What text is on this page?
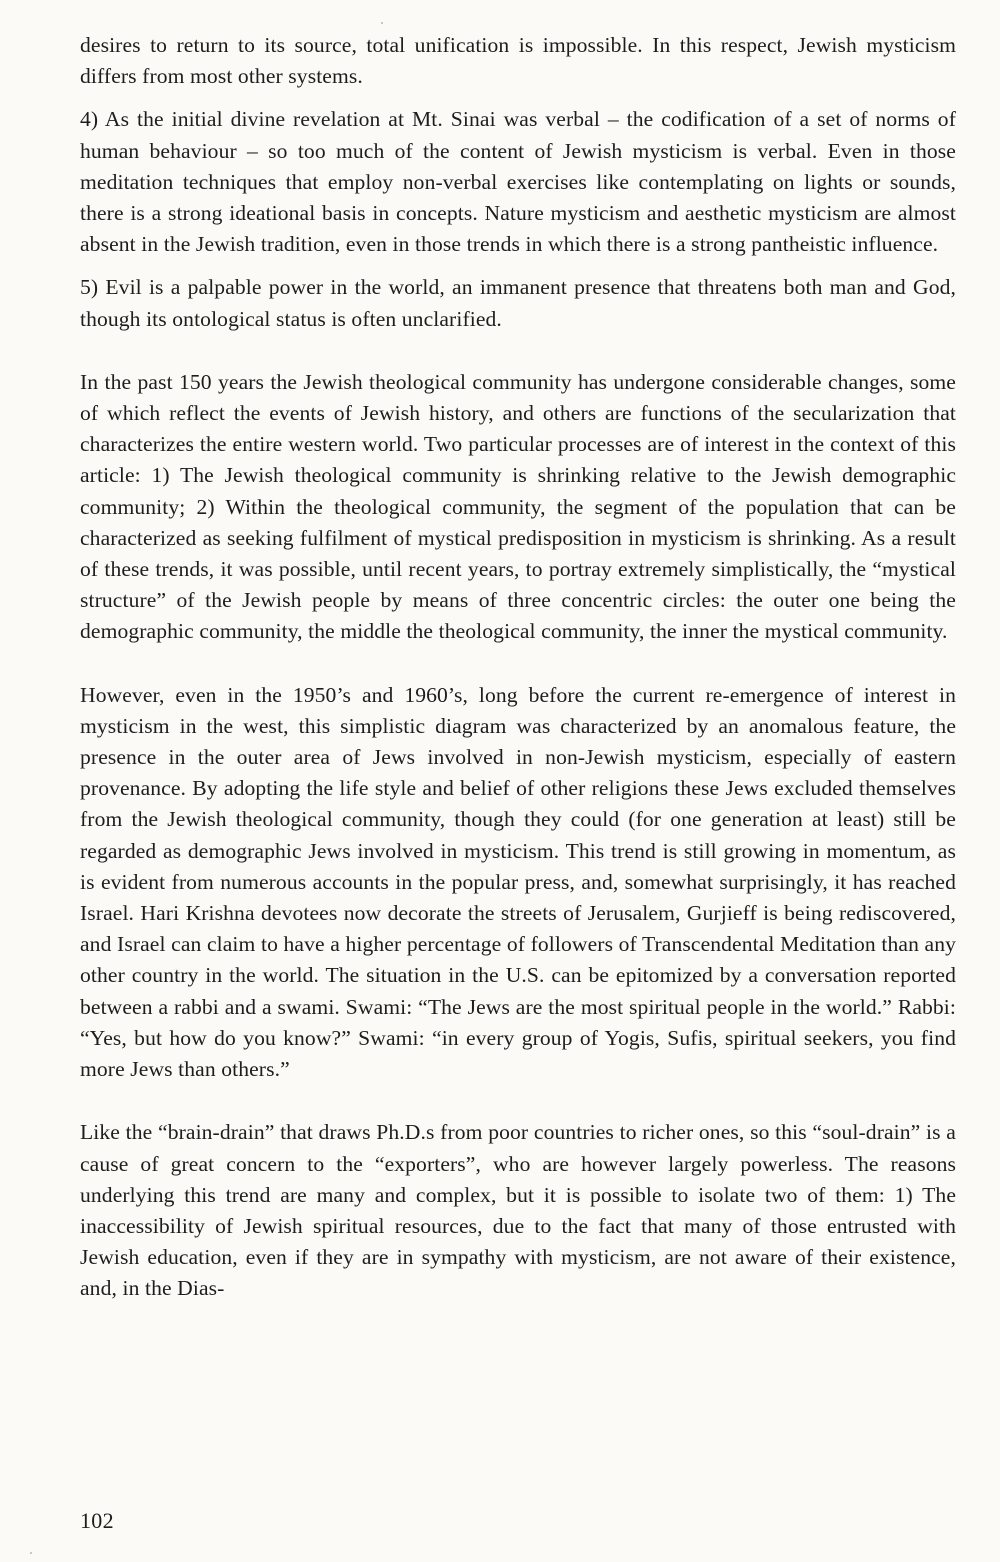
desires to return to its source, total unification is impossible. In this respect, Jewish mysticism differs from most other systems.

4) As the initial divine revelation at Mt. Sinai was verbal – the codification of a set of norms of human behaviour – so too much of the content of Jewish mysticism is verbal. Even in those meditation techniques that employ non-verbal exercises like contemplating on lights or sounds, there is a strong ideational basis in concepts. Nature mysticism and aesthetic mysticism are almost absent in the Jewish tradition, even in those trends in which there is a strong pantheistic influence.

5) Evil is a palpable power in the world, an immanent presence that threatens both man and God, though its ontological status is often unclarified.

In the past 150 years the Jewish theological community has undergone considerable changes, some of which reflect the events of Jewish history, and others are functions of the secularization that characterizes the entire western world. Two particular processes are of interest in the context of this article: 1) The Jewish theological community is shrinking relative to the Jewish demographic community; 2) Within the theological community, the segment of the population that can be characterized as seeking fulfilment of mystical predisposition in mysticism is shrinking. As a result of these trends, it was possible, until recent years, to portray extremely simplistically, the “mystical structure” of the Jewish people by means of three concentric circles: the outer one being the demographic community, the middle the theological community, the inner the mystical community.

However, even in the 1950’s and 1960’s, long before the current re-emergence of interest in mysticism in the west, this simplistic diagram was characterized by an anomalous feature, the presence in the outer area of Jews involved in non-Jewish mysticism, especially of eastern provenance. By adopting the life style and belief of other religions these Jews excluded themselves from the Jewish theological community, though they could (for one generation at least) still be regarded as demographic Jews involved in mysticism. This trend is still growing in momentum, as is evident from numerous accounts in the popular press, and, somewhat surprisingly, it has reached Israel. Hari Krishna devotees now decorate the streets of Jerusalem, Gurjieff is being rediscovered, and Israel can claim to have a higher percentage of followers of Transcendental Meditation than any other country in the world. The situation in the U.S. can be epitomized by a conversation reported between a rabbi and a swami. Swami: “The Jews are the most spiritual people in the world.” Rabbi: “Yes, but how do you know?” Swami: “in every group of Yogis, Sufis, spiritual seekers, you find more Jews than others.”

Like the “brain-drain” that draws Ph.D.s from poor countries to richer ones, so this “soul-drain” is a cause of great concern to the “exporters”, who are however largely powerless. The reasons underlying this trend are many and complex, but it is possible to isolate two of them: 1) The inaccessibility of Jewish spiritual resources, due to the fact that many of those entrusted with Jewish education, even if they are in sympathy with mysticism, are not aware of their existence, and, in the Dias-

102
